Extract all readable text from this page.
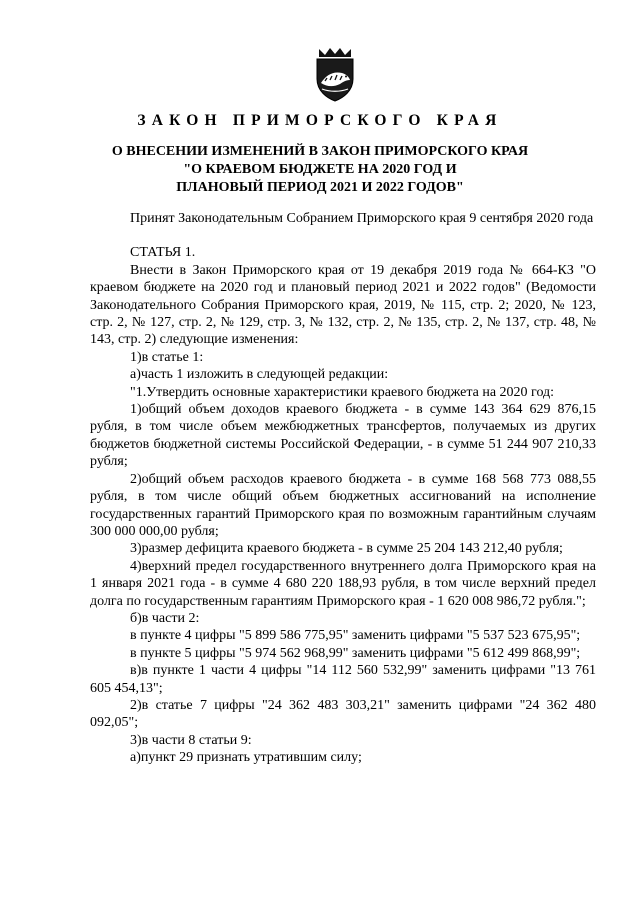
ЗАКОН ПРИМОРСКОГО КРАЯ
О ВНЕСЕНИИ ИЗМЕНЕНИЙ В ЗАКОН ПРИМОРСКОГО КРАЯ
"О КРАЕВОМ БЮДЖЕТЕ НА 2020 ГОД И
ПЛАНОВЫЙ ПЕРИОД 2021 И 2022 ГОДОВ"

Принят Законодательным Собранием Приморского края 9 сентября 2020 года

СТАТЬЯ 1.

Внести в Закон Приморского края от 19 декабря 2019 года № 664-КЗ "О краевом бюджете на 2020 год и плановый период 2021 и 2022 годов" (Ведомости Законодательного Собрания Приморского края, 2019, № 115, стр. 2; 2020, № 123, стр. 2, № 127, стр. 2, № 129, стр. 3, № 132, стр. 2, № 135, стр. 2, № 137, стр. 48, № 143, стр. 2) следующие изменения:

1)в статье 1:

а)часть 1 изложить в следующей редакции:

"1.Утвердить основные характеристики краевого бюджета на 2020 год:

1)общий объем доходов краевого бюджета - в сумме 143 364 629 876,15 рубля, в том числе объем межбюджетных трансфертов, получаемых из других бюджетов бюджетной системы Российской Федерации, - в сумме 51 244 907 210,33 рубля;

2)общий объем расходов краевого бюджета - в сумме 168 568 773 088,55 рубля, в том числе общий объем бюджетных ассигнований на исполнение государственных гарантий Приморского края по возможным гарантийным случаям 300 000 000,00 рубля;

3)размер дефицита краевого бюджета - в сумме 25 204 143 212,40 рубля;

4)верхний предел государственного внутреннего долга Приморского края на 1 января 2021 года - в сумме 4 680 220 188,93 рубля, в том числе верхний предел долга по государственным гарантиям Приморского края - 1 620 008 986,72 рубля.";

б)в части 2:

в пункте 4 цифры "5 899 586 775,95" заменить цифрами "5 537 523 675,95";

в пункте 5 цифры "5 974 562 968,99" заменить цифрами "5 612 499 868,99";

в)в пункте 1 части 4 цифры "14 112 560 532,99" заменить цифрами "13 761 605 454,13";

2)в статье 7 цифры "24 362 483 303,21" заменить цифрами "24 362 480 092,05";

3)в части 8 статьи 9:

а)пункт 29 признать утратившим силу;
